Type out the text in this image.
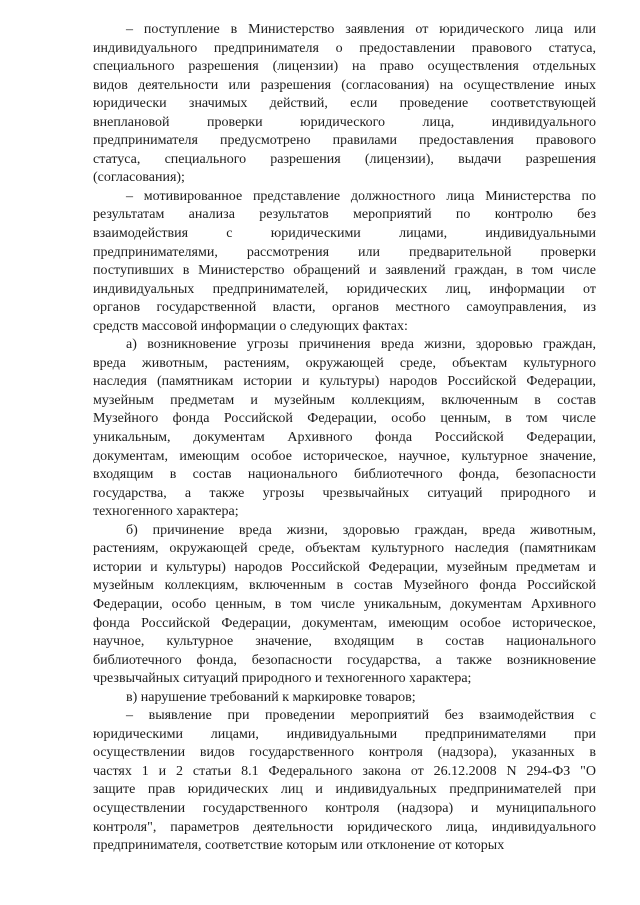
– поступление в Министерство заявления от юридического лица или
индивидуального предпринимателя о предоставлении правового статуса,
специального разрешения (лицензии) на право осуществления отдельных
видов деятельности или разрешения (согласования) на осуществление иных
юридически значимых действий, если проведение соответствующей
внеплановой проверки юридического лица, индивидуального
предпринимателя предусмотрено правилами предоставления правового
статуса, специального разрешения (лицензии), выдачи разрешения
(согласования);
– мотивированное представление должностного лица Министерства по
результатам анализа результатов мероприятий по контролю без
взаимодействия с юридическими лицами, индивидуальными
предпринимателями, рассмотрения или предварительной проверки
поступивших в Министерство обращений и заявлений граждан, в том числе
индивидуальных предпринимателей, юридических лиц, информации от
органов государственной власти, органов местного самоуправления, из
средств массовой информации о следующих фактах:
а) возникновение угрозы причинения вреда жизни, здоровью граждан,
вреда животным, растениям, окружающей среде, объектам культурного
наследия (памятникам истории и культуры) народов Российской Федерации,
музейным предметам и музейным коллекциям, включенным в состав
Музейного фонда Российской Федерации, особо ценным, в том числе
уникальным, документам Архивного фонда Российской Федерации,
документам, имеющим особое историческое, научное, культурное значение,
входящим в состав национального библиотечного фонда, безопасности
государства, а также угрозы чрезвычайных ситуаций природного и
техногенного характера;
б) причинение вреда жизни, здоровью граждан, вреда животным,
растениям, окружающей среде, объектам культурного наследия (памятникам
истории и культуры) народов Российской Федерации, музейным предметам и
музейным коллекциям, включенным в состав Музейного фонда Российской
Федерации, особо ценным, в том числе уникальным, документам Архивного
фонда Российской Федерации, документам, имеющим особое историческое,
научное, культурное значение, входящим в состав национального
библиотечного фонда, безопасности государства, а также возникновение
чрезвычайных ситуаций природного и техногенного характера;
в) нарушение требований к маркировке товаров;
– выявление при проведении мероприятий без взаимодействия с
юридическими лицами, индивидуальными предпринимателями при
осуществлении видов государственного контроля (надзора), указанных в
частях 1 и 2 статьи 8.1 Федерального закона от 26.12.2008 N 294-ФЗ "О
защите прав юридических лиц и индивидуальных предпринимателей при
осуществлении государственного контроля (надзора) и муниципального
контроля", параметров деятельности юридического лица, индивидуального
предпринимателя, соответствие которым или отклонение от которых
